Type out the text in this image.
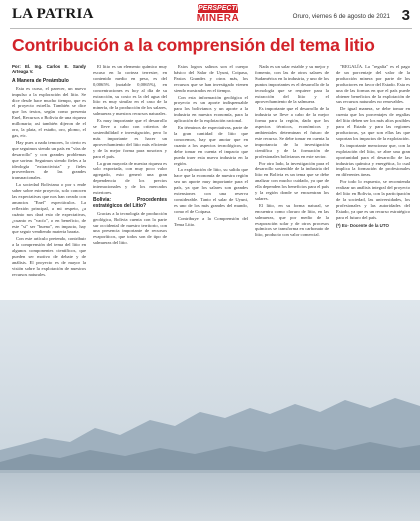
LA PATRIA	PERSPECTIVA
MINERA	Oruro, viernes 6 de agosto de 2021 3
Contribución a la comprensión del tema litio

Por: El. Ing. Carlos E. Sandy Arteaga V.

A Manera de Preámbulo

Esta es curso, el parecer, un nuevo impulso a la exploración del litio. Se dice desde hace mucho tiempo, que es el proyecto estrella. También se dice que los textos, según como presenta Enel, Recursos o Bolivia de una riqueza millonaria; así también dijeron de el oro, la plata, el estaño, oro, plomo, el gas, etc.

Hay pues a nada temores, lo cierto es que seguimos siendo un país en "vías de desarrollo" y con grandes problemas que sortear. Seguimos siendo fieles a la ideología "extractivista" y fieles proveedores de las grandes transnacionales.

La sociedad Boliviana o por s ende saber sobre este proyecto, solo conocen las expectativas que nos han creado con anuncios "Enel" espectáculos. La reflexión principal, a mi respeto, ¿a cuánto nos dará esto de expectativas, ¿cuanto es "vacío", o en beneficio, de este "si" ser "bueno", en impacto, hay que seguir vendiendo materia barata.

Con este artículo pretendo, contribuir a la comprensión del tema del litio en algunos componentes científicos, que pueden ser motivo de debate y de análisis. El proyecto es de mayor la visión sobre la explotación de nuestros recursos naturales.

El litio es un elemento químico muy escaso en la corteza terrestre, en contenido medio en peso, es del 0,0065% (notable 0,0065%), en concentraciones es hoy al día de su extracción, su costo es la del agua del litio es muy similar en el caso de la minería, de la producción de los salares, salmueras y nuestros recursos naturales.

Es muy importante que el desarrollo se lleve a cabo con criterios de sostenibilidad e investigación, pero lo más importante es hacer un aprovechamiento del litio más eficiente y de la mejor forma para nosotros y para el país.

La gran mayoría de nuestra riqueza es solo exportada, con muy poco valor agregado, esto generó una gran dependencia de los precios internacionales y de los mercados exteriores.

Bolivia: Procedentes estratégicos del Litio?

Gracias a la tecnología de producción geológica, Bolivia cuenta con la parte sur occidental de nuestro territorio, con una presencia importante de recursos evaporíticos, que todos son de tipo de salmueras del litio.

Estos logros salinos son el cuerpo básico del Salar de Uyuni, Coipasa, Pastos Grandes y otros más, los recursos que se han investigado vienen siendo mostrados en el tiempo.

Con esta información geológica el proyecto es un aporte indispensable para los bolivianos y un aporte a la industria en nuestra economía, para la aplicación de la explotación racional.

En términos de expectativas, parte de la gran cantidad de litio que conocemos, hay que anotar que en cuanto a los aspectos tecnológicos, se debe tomar en cuenta el impacto que pueda traer esta nueva industria en la región.

La explotación de litio, su salida que hace que la economía de nuestra región sea un aporte muy importante para el país, ya que los salares son grandes extensiones con una reserva considerable. Tanto el salar de Uyuni, es uno de los más grandes del mundo, como el de Coipasa.

Contribuye a la Comprensión del Tema Litio.

Nada es un salar estable y su mejor y fomento, con las de otros salares de Sudamérica en la industria, y uno de los puntos importantes es el desarrollo de la tecnología que se requiere para la extracción del litio y el aprovechamiento de la salmuera.

Es importante que el desarrollo de la industria se lleve a cabo de la mejor forma para la región, dado que los aspectos técnicos, económicos y ambientales determinan el futuro de este recurso. Se debe tomar en cuenta la importancia de la investigación científica y de la formación de profesionales bolivianos en este sector.

Por otro lado, la investigación para el desarrollo sostenible de la industria del litio en Bolivia es un tema que se debe analizar con mucho cuidado, ya que de ella dependen los beneficios para el país y la región donde se encuentran los salares.

El litio, en su forma natural, se encuentra como cloruro de litio, en las salmueras, que por medio de la evaporación solar y de otros procesos químicos se transforma en carbonato de litio, producto con valor comercial.

"REGALÍA. La "regalía" es el pago de un porcentaje del valor de la producción minera por parte de los productores en favor del Estado. Esta es una de las formas en que el país puede obtener beneficios de la explotación de sus recursos naturales no renovables.

De igual manera, se debe tomar en cuenta que los porcentajes de regalías del litio deben ser los más altos posibles para el Estado y para las regiones productoras, ya que son ellas las que soportan los impactos de la explotación.

Es importante mencionar que, con la explotación del litio, se abre una gran oportunidad para el desarrollo de las industrias química y energética, lo cual implica la formación de profesionales en diferentes áreas.

Por todo lo expuesto, se recomienda realizar un análisis integral del proyecto del litio en Bolivia, con la participación de la sociedad, las universidades, los profesionales y las autoridades del Estado, ya que es un recurso estratégico para el futuro del país.

(*) Ex- Docente de la UTO
